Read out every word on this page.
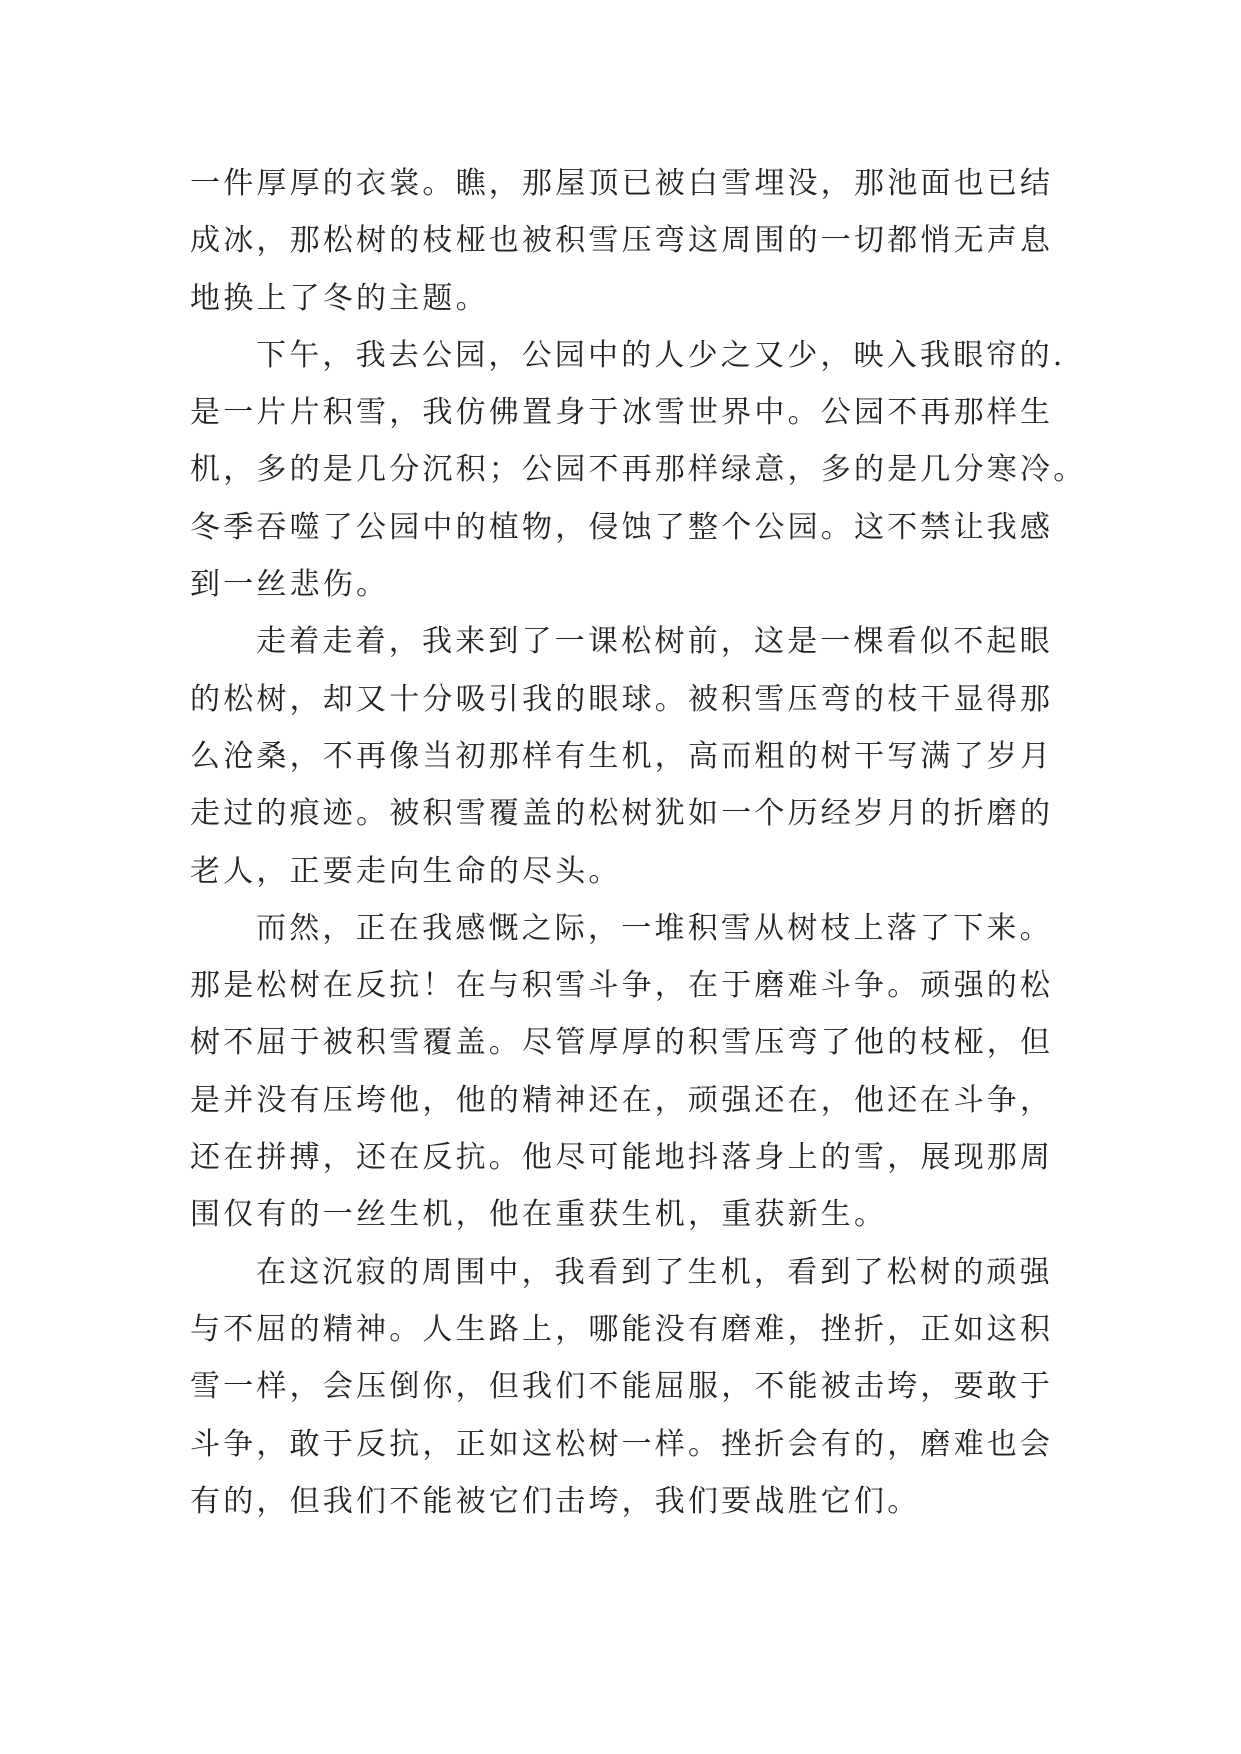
一件厚厚的衣裳。瞧，那屋顶已被白雪埋没，那池面也已结
成冰，那松树的枝桠也被积雪压弯这周围的一切都悄无声息
地换上了冬的主题。
下午，我去公园，公园中的人少之又少，映入我眼帘的.
是一片片积雪，我仿佛置身于冰雪世界中。公园不再那样生
机，多的是几分沉积；公园不再那样绿意，多的是几分寒冷。
冬季吞噬了公园中的植物，侵蚀了整个公园。这不禁让我感
到一丝悲伤。
走着走着，我来到了一课松树前，这是一棵看似不起眼
的松树，却又十分吸引我的眼球。被积雪压弯的枝干显得那
么沧桑，不再像当初那样有生机，高而粗的树干写满了岁月
走过的痕迹。被积雪覆盖的松树犹如一个历经岁月的折磨的
老人，正要走向生命的尽头。
而然，正在我感慨之际，一堆积雪从树枝上落了下来。
那是松树在反抗！在与积雪斗争，在于磨难斗争。顽强的松
树不屈于被积雪覆盖。尽管厚厚的积雪压弯了他的枝桠，但
是并没有压垮他，他的精神还在，顽强还在，他还在斗争，
还在拼搏，还在反抗。他尽可能地抖落身上的雪，展现那周
围仅有的一丝生机，他在重获生机，重获新生。
在这沉寂的周围中，我看到了生机，看到了松树的顽强
与不屈的精神。人生路上，哪能没有磨难，挫折，正如这积
雪一样，会压倒你，但我们不能屈服，不能被击垮，要敢于
斗争，敢于反抗，正如这松树一样。挫折会有的，磨难也会
有的，但我们不能被它们击垮，我们要战胜它们。
